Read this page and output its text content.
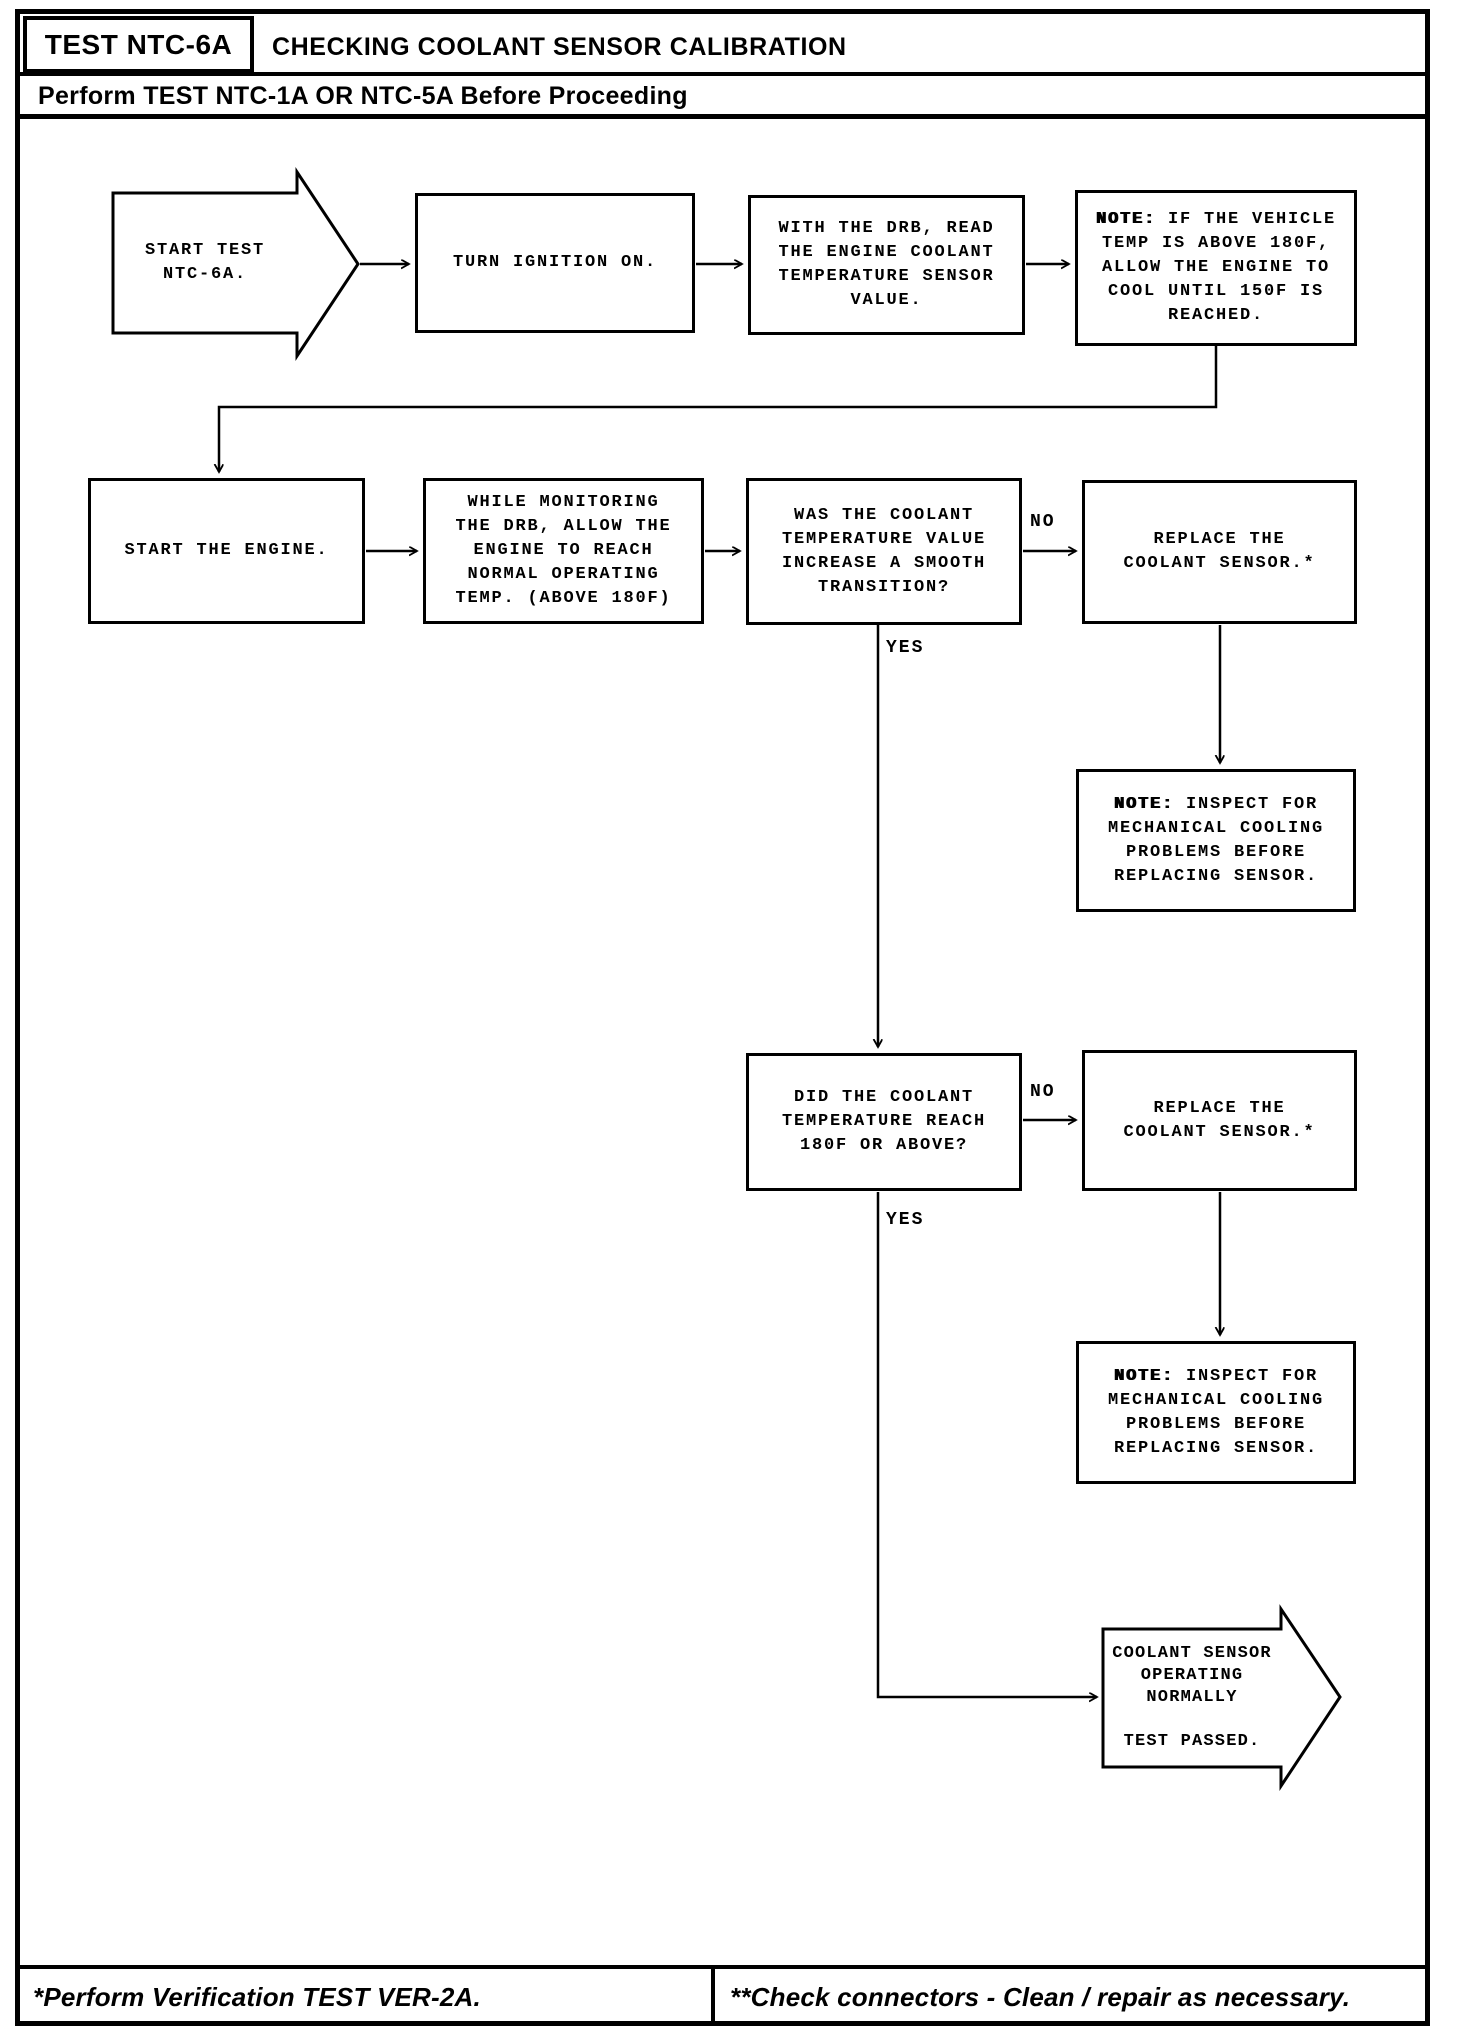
TEST NTC-6A CHECKING COOLANT SENSOR CALIBRATION
Perform TEST NTC-1A OR NTC-5A Before Proceeding
START TEST
NTC-6A.
TURN IGNITION ON.
WITH THE DRB, READ
THE ENGINE COOLANT
TEMPERATURE SENSOR
VALUE.
NOTE: IF THE VEHICLE
TEMP IS ABOVE 180F,
ALLOW THE ENGINE TO
COOL UNTIL 150F IS
REACHED.
START THE ENGINE.
WHILE MONITORING
THE DRB, ALLOW THE
ENGINE TO REACH
NORMAL OPERATING
TEMP. (ABOVE 180F)
WAS THE COOLANT
TEMPERATURE VALUE
INCREASE A SMOOTH
TRANSITION?
REPLACE THE
COOLANT SENSOR.*
NOTE: INSPECT FOR
MECHANICAL COOLING
PROBLEMS BEFORE
REPLACING SENSOR.
DID THE COOLANT
TEMPERATURE REACH
180F OR ABOVE?
REPLACE THE
COOLANT SENSOR.*
NOTE: INSPECT FOR
MECHANICAL COOLING
PROBLEMS BEFORE
REPLACING SENSOR.
COOLANT SENSOR
OPERATING
NORMALLY
TEST PASSED.
NO
YES
NO
YES
*Perform Verification TEST VER-2A.	**Check connectors - Clean / repair as necessary.
